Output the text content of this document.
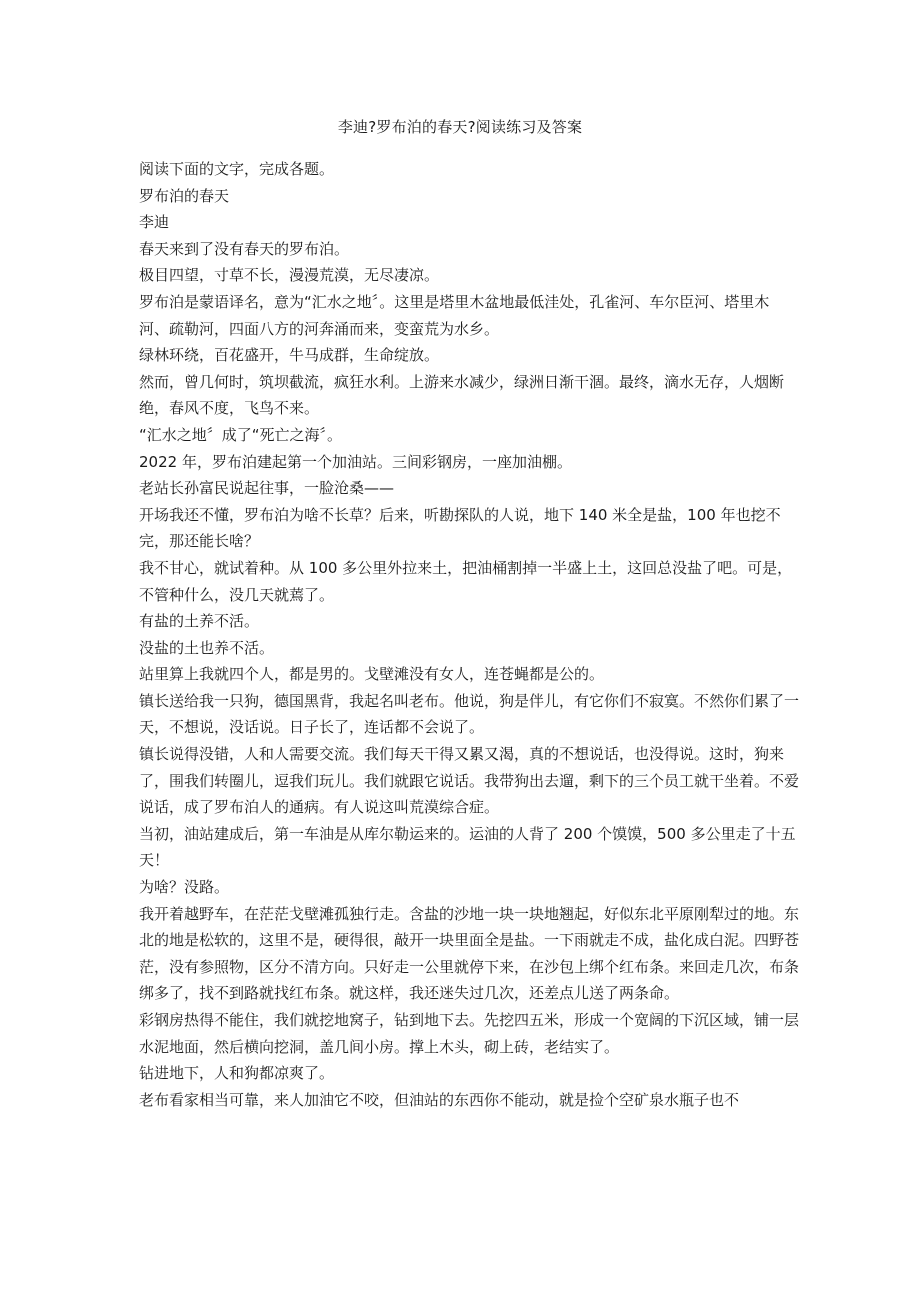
李迪?罗布泊的春天?阅读练习及答案

阅读下面的文字，完成各题。

罗布泊的春天

李迪

春天来到了没有春天的罗布泊。

极目四望，寸草不长，漫漫荒漠，无尽凄凉。

罗布泊是蒙语译名，意为“汇水之地〞。这里是塔里木盆地最低洼处，孔雀河、车尔臣河、塔里木河、疏勒河，四面八方的河奔涌而来，变蛮荒为水乡。

绿林环绕，百花盛开，牛马成群，生命绽放。

然而，曾几何时，筑坝截流，疯狂水利。上游来水减少，绿洲日渐干涸。最终，滴水无存，人烟断绝，春风不度，飞鸟不来。

“汇水之地〞成了“死亡之海〞。

2022 年，罗布泊建起第一个加油站。三间彩钢房，一座加油棚。

老站长孙富民说起往事，一脸沧桑——

开场我还不懂，罗布泊为啥不长草？后来，听勘探队的人说，地下 140 米全是盐，100 年也挖不完，那还能长啥？

我不甘心，就试着种。从 100 多公里外拉来土，把油桶割掉一半盛上土，这回总没盐了吧。可是，不管种什么，没几天就蔫了。

有盐的土养不活。

没盐的土也养不活。

站里算上我就四个人，都是男的。戈壁滩没有女人，连苍蝇都是公的。

镇长送给我一只狗，德国黑背，我起名叫老布。他说，狗是伴儿，有它你们不寂寞。不然你们累了一天，不想说，没话说。日子长了，连话都不会说了。

镇长说得没错，人和人需要交流。我们每天干得又累又渴，真的不想说话，也没得说。这时，狗来了，围我们转圈儿，逗我们玩儿。我们就跟它说话。我带狗出去遛，剩下的三个员工就干坐着。不爱说话，成了罗布泊人的通病。有人说这叫荒漠综合症。

当初，油站建成后，第一车油是从库尔勒运来的。运油的人背了 200 个馍馍，500 多公里走了十五天！

为啥？没路。

我开着越野车，在茫茫戈壁滩孤独行走。含盐的沙地一块一块地翘起，好似东北平原刚犁过的地。东北的地是松软的，这里不是，硬得很，敲开一块里面全是盐。一下雨就走不成，盐化成白泥。四野苍茫，没有参照物，区分不清方向。只好走一公里就停下来，在沙包上绑个红布条。来回走几次，布条绑多了，找不到路就找红布条。就这样，我还迷失过几次，还差点儿送了两条命。

彩钢房热得不能住，我们就挖地窝子，钻到地下去。先挖四五米，形成一个宽阔的下沉区域，铺一层水泥地面，然后横向挖洞，盖几间小房。撑上木头，砌上砖，老结实了。

钻进地下，人和狗都凉爽了。

老布看家相当可靠，来人加油它不咬，但油站的东西你不能动，就是捡个空矿泉水瓶子也不
